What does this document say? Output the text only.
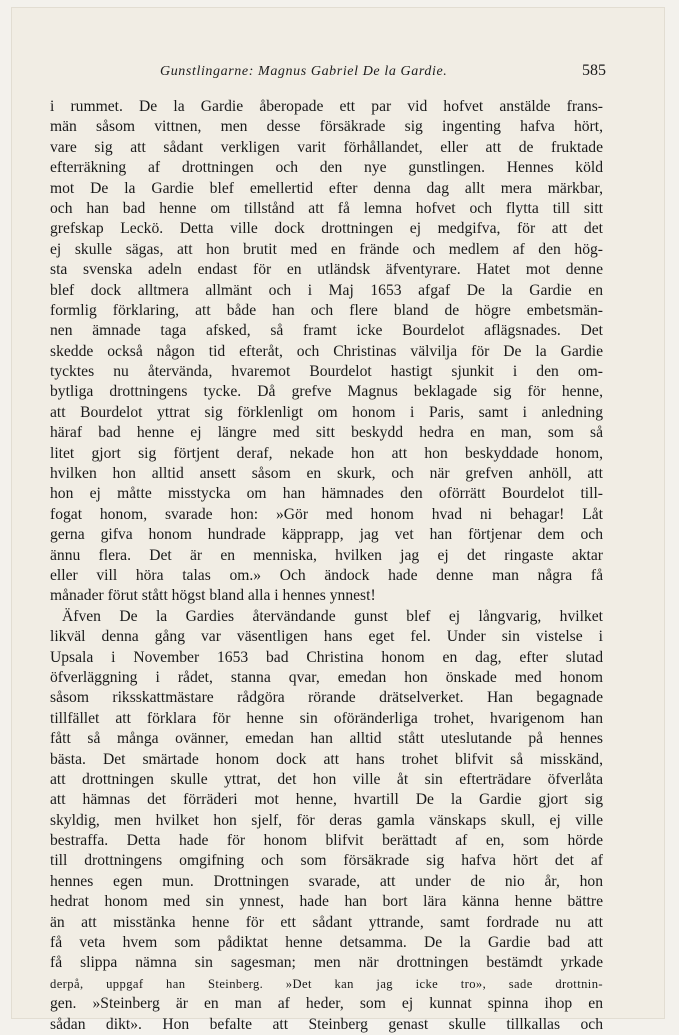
Gunstlingarne: Magnus Gabriel De la Gardie.	585
i rummet. De la Gardie åberopade ett par vid hofvet anstälde frans-
män såsom vittnen, men desse försäkrade sig ingenting hafva hört,
vare sig att sådant verkligen varit förhållandet, eller att de fruktade
efterräkning af drottningen och den nye gunstlingen. Hennes köld
mot De la Gardie blef emellertid efter denna dag allt mera märkbar,
och han bad henne om tillstånd att få lemna hofvet och flytta till sitt
grefskap Leckö. Detta ville dock drottningen ej medgifva, för att det
ej skulle sägas, att hon brutit med en frände och medlem af den hög-
sta svenska adeln endast för en utländsk äfventyrare. Hatet mot denne
blef dock alltmera allmänt och i Maj 1653 afgaf De la Gardie en
formlig förklaring, att både han och flere bland de högre embetsmän-
nen ämnade taga afsked, så framt icke Bourdelot aflägsnades. Det
skedde också någon tid efteråt, och Christinas välvilja för De la Gardie
tycktes nu återvända, hvaremot Bourdelot hastigt sjunkit i den om-
bytliga drottningens tycke. Då grefve Magnus beklagade sig för henne,
att Bourdelot yttrat sig förklenligt om honom i Paris, samt i anledning
häraf bad henne ej längre med sitt beskydd hedra en man, som så
litet gjort sig förtjent deraf, nekade hon att hon beskyddade honom,
hvilken hon alltid ansett såsom en skurk, och när grefven anhöll, att
hon ej måtte misstycka om han hämnades den oförrätt Bourdelot till-
fogat honom, svarade hon: »Gör med honom hvad ni behagar! Låt
gerna gifva honom hundrade käpprapp, jag vet han förtjenar dem och
ännu flera. Det är en menniska, hvilken jag ej det ringaste aktar
eller vill höra talas om.» Och ändock hade denne man några få
månader förut stått högst bland alla i hennes ynnest!
Äfven De la Gardies återvändande gunst blef ej långvarig, hvilket
likväl denna gång var väsentligen hans eget fel. Under sin vistelse i
Upsala i November 1653 bad Christina honom en dag, efter slutad
öfverläggning i rådet, stanna qvar, emedan hon önskade med honom
såsom riksskattmästare rådgöra rörande drätselverket. Han begagnade
tillfället att förklara för henne sin oföränderliga trohet, hvarigenom han
fått så många ovänner, emedan han alltid stått uteslutande på hennes
bästa. Det smärtade honom dock att hans trohet blifvit så misskänd,
att drottningen skulle yttrat, det hon ville åt sin efterträdare öfverlåta
att hämnas det förräderi mot henne, hvartill De la Gardie gjort sig
skyldig, men hvilket hon sjelf, för deras gamla vänskaps skull, ej ville
bestraffa. Detta hade för honom blifvit berättadt af en, som hörde
till drottningens omgifning och som försäkrade sig hafva hört det af
hennes egen mun. Drottningen svarade, att under de nio år, hon
hedrat honom med sin ynnest, hade han bort lära känna henne bättre
än att misstänka henne för ett sådant yttrande, samt fordrade nu att
få veta hvem som pådiktat henne detsamma. De la Gardie bad att
få slippa nämna sin sagesman; men när drottningen bestämdt yrkade
derpå, uppgaf han Steinberg. »Det kan jag icke tro», sade drottnin-
gen. »Steinberg är en man af heder, som ej kunnat spinna ihop en
sådan dikt». Hon befalte att Steinberg genast skulle tillkallas och
